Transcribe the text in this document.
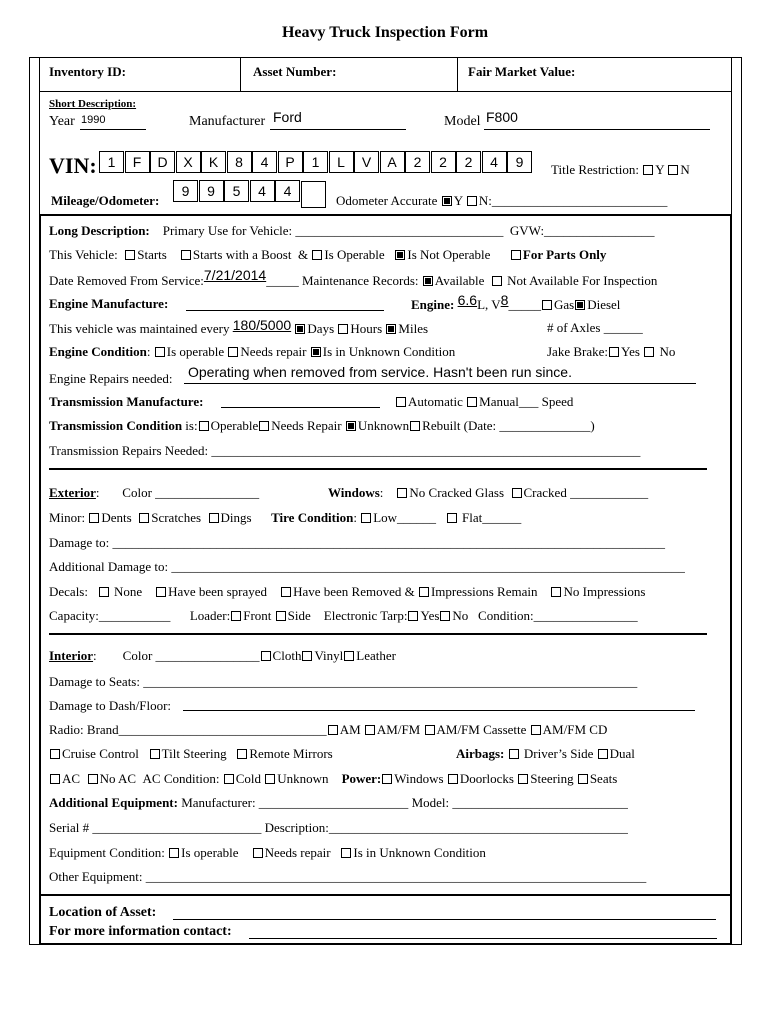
Heavy Truck Inspection Form
Inventory ID:	Asset Number:	Fair Market Value:
Short Description:
Year 1990	Manufacturer Ford	Model F800
VIN: 1	F	D	X	K	8	4	P	1	L	V	A	2	2	2	4	9	Title Restriction: Y N
Mileage/Odometer:
9	9	5	4	4
Odometer Accurate Y N:___________________________
Long Description: Primary Use for Vehicle: ________________________________ GVW:_________________
This Vehicle: Starts Starts with a Boost & Is Operable Is Not Operable	For Parts Only
Date Removed From Service:7/21/2014_____ Maintenance Records: Available Not Available For Inspection
Engine Manufacture:	Engine: 6.6L, V8_____ Gas Diesel
This vehicle was maintained every 180/5000 Days Hours Miles	# of Axles ______
Engine Condition: Is operable Needs repair Is in Unknown Condition	Jake Brake: Yes No
Engine Repairs needed: Operating when removed from service. Hasn't been run since.
Transmission Manufacture:	Automatic Manual___ Speed
Transmission Condition is: Operable Needs Repair Unknown Rebuilt (Date: ______________)
Transmission Repairs Needed: __________________________________________________________________
Exterior:       Color ________________	Windows:    No Cracked Glass Cracked ____________
Minor: Dents Scratches Dings Tire Condition: Low______ Flat______
Damage to: _____________________________________________________________________________________
Additional Damage to: _______________________________________________________________________________
Decals: None Have been sprayed Have been Removed & Impressions Remain No Impressions
Capacity:___________ Loader: Front Side Electronic Tarp: Yes No Condition:________________
Interior:        Color ________________ Cloth Vinyl Leather
Damage to Seats: ____________________________________________________________________________
Damage to Dash/Floor:
Radio: Brand________________________________ AM AM/FM AM/FM Cassette AM/FM CD
Cruise Control Tilt Steering Remote Mirrors	Airbags: Driver’s Side Dual
AC No AC AC Condition: Cold Unknown Power: Windows Doorlocks Steering Seats
Additional Equipment: Manufacturer: _______________________ Model: ___________________________
Serial # __________________________ Description:______________________________________________
Equipment Condition: Is operable Needs repair Is in Unknown Condition
Other Equipment: _____________________________________________________________________________
Location of Asset:
For more information contact:
